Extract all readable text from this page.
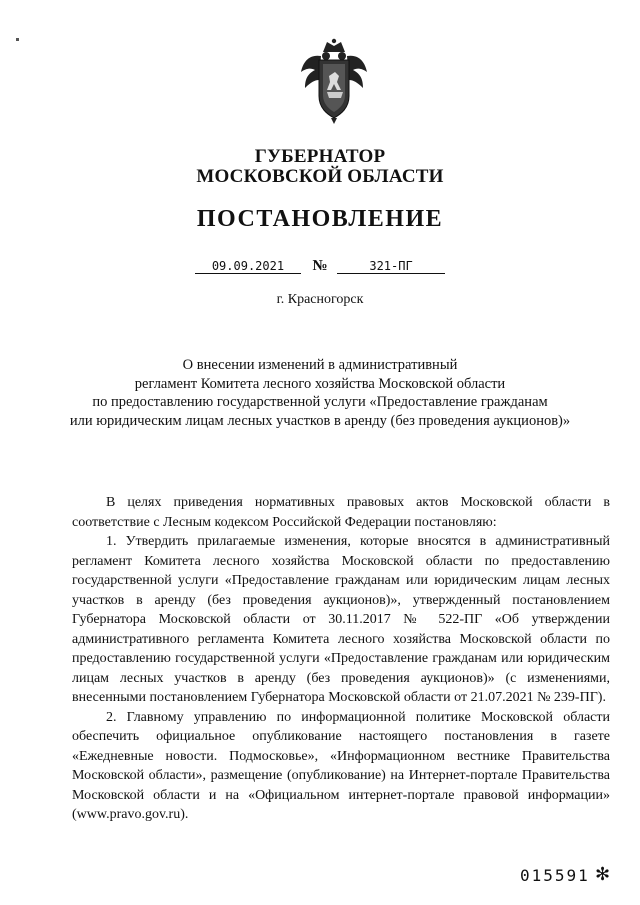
ГУБЕРНАТОР
МОСКОВСКОЙ ОБЛАСТИ
ПОСТАНОВЛЕНИЕ
09.09.2021 №	321-ПГ
г. Красногорск
О внесении изменений в административный
регламент Комитета лесного хозяйства Московской области
по предоставлению государственной услуги «Предоставление гражданам
или юридическим лицам лесных участков в аренду (без проведения аукционов)»

В целях приведения нормативных правовых актов Московской области в соответствие с Лесным кодексом Российской Федерации постановляю:

1. Утвердить прилагаемые изменения, которые вносятся в административный регламент Комитета лесного хозяйства Московской области по предоставлению государственной услуги «Предоставление гражданам или юридическим лицам лесных участков в аренду (без проведения аукционов)», утвержденный постановлением Губернатора Московской области от 30.11.2017 № 522-ПГ «Об утверждении административного регламента Комитета лесного хозяйства Московской области по предоставлению государственной услуги «Предоставление гражданам или юридическим лицам лесных участков в аренду (без проведения аукционов)» (с изменениями, внесенными постановлением Губернатора Московской области от 21.07.2021 № 239-ПГ).

2. Главному управлению по информационной политике Московской области обеспечить официальное опубликование настоящего постановления в газете «Ежедневные новости. Подмосковье», «Информационном вестнике Правительства Московской области», размещение (опубликование) на Интернет-портале Правительства Московской области и на «Официальном интернет-портале правовой информации» (www.pravo.gov.ru).

015591 ✻
